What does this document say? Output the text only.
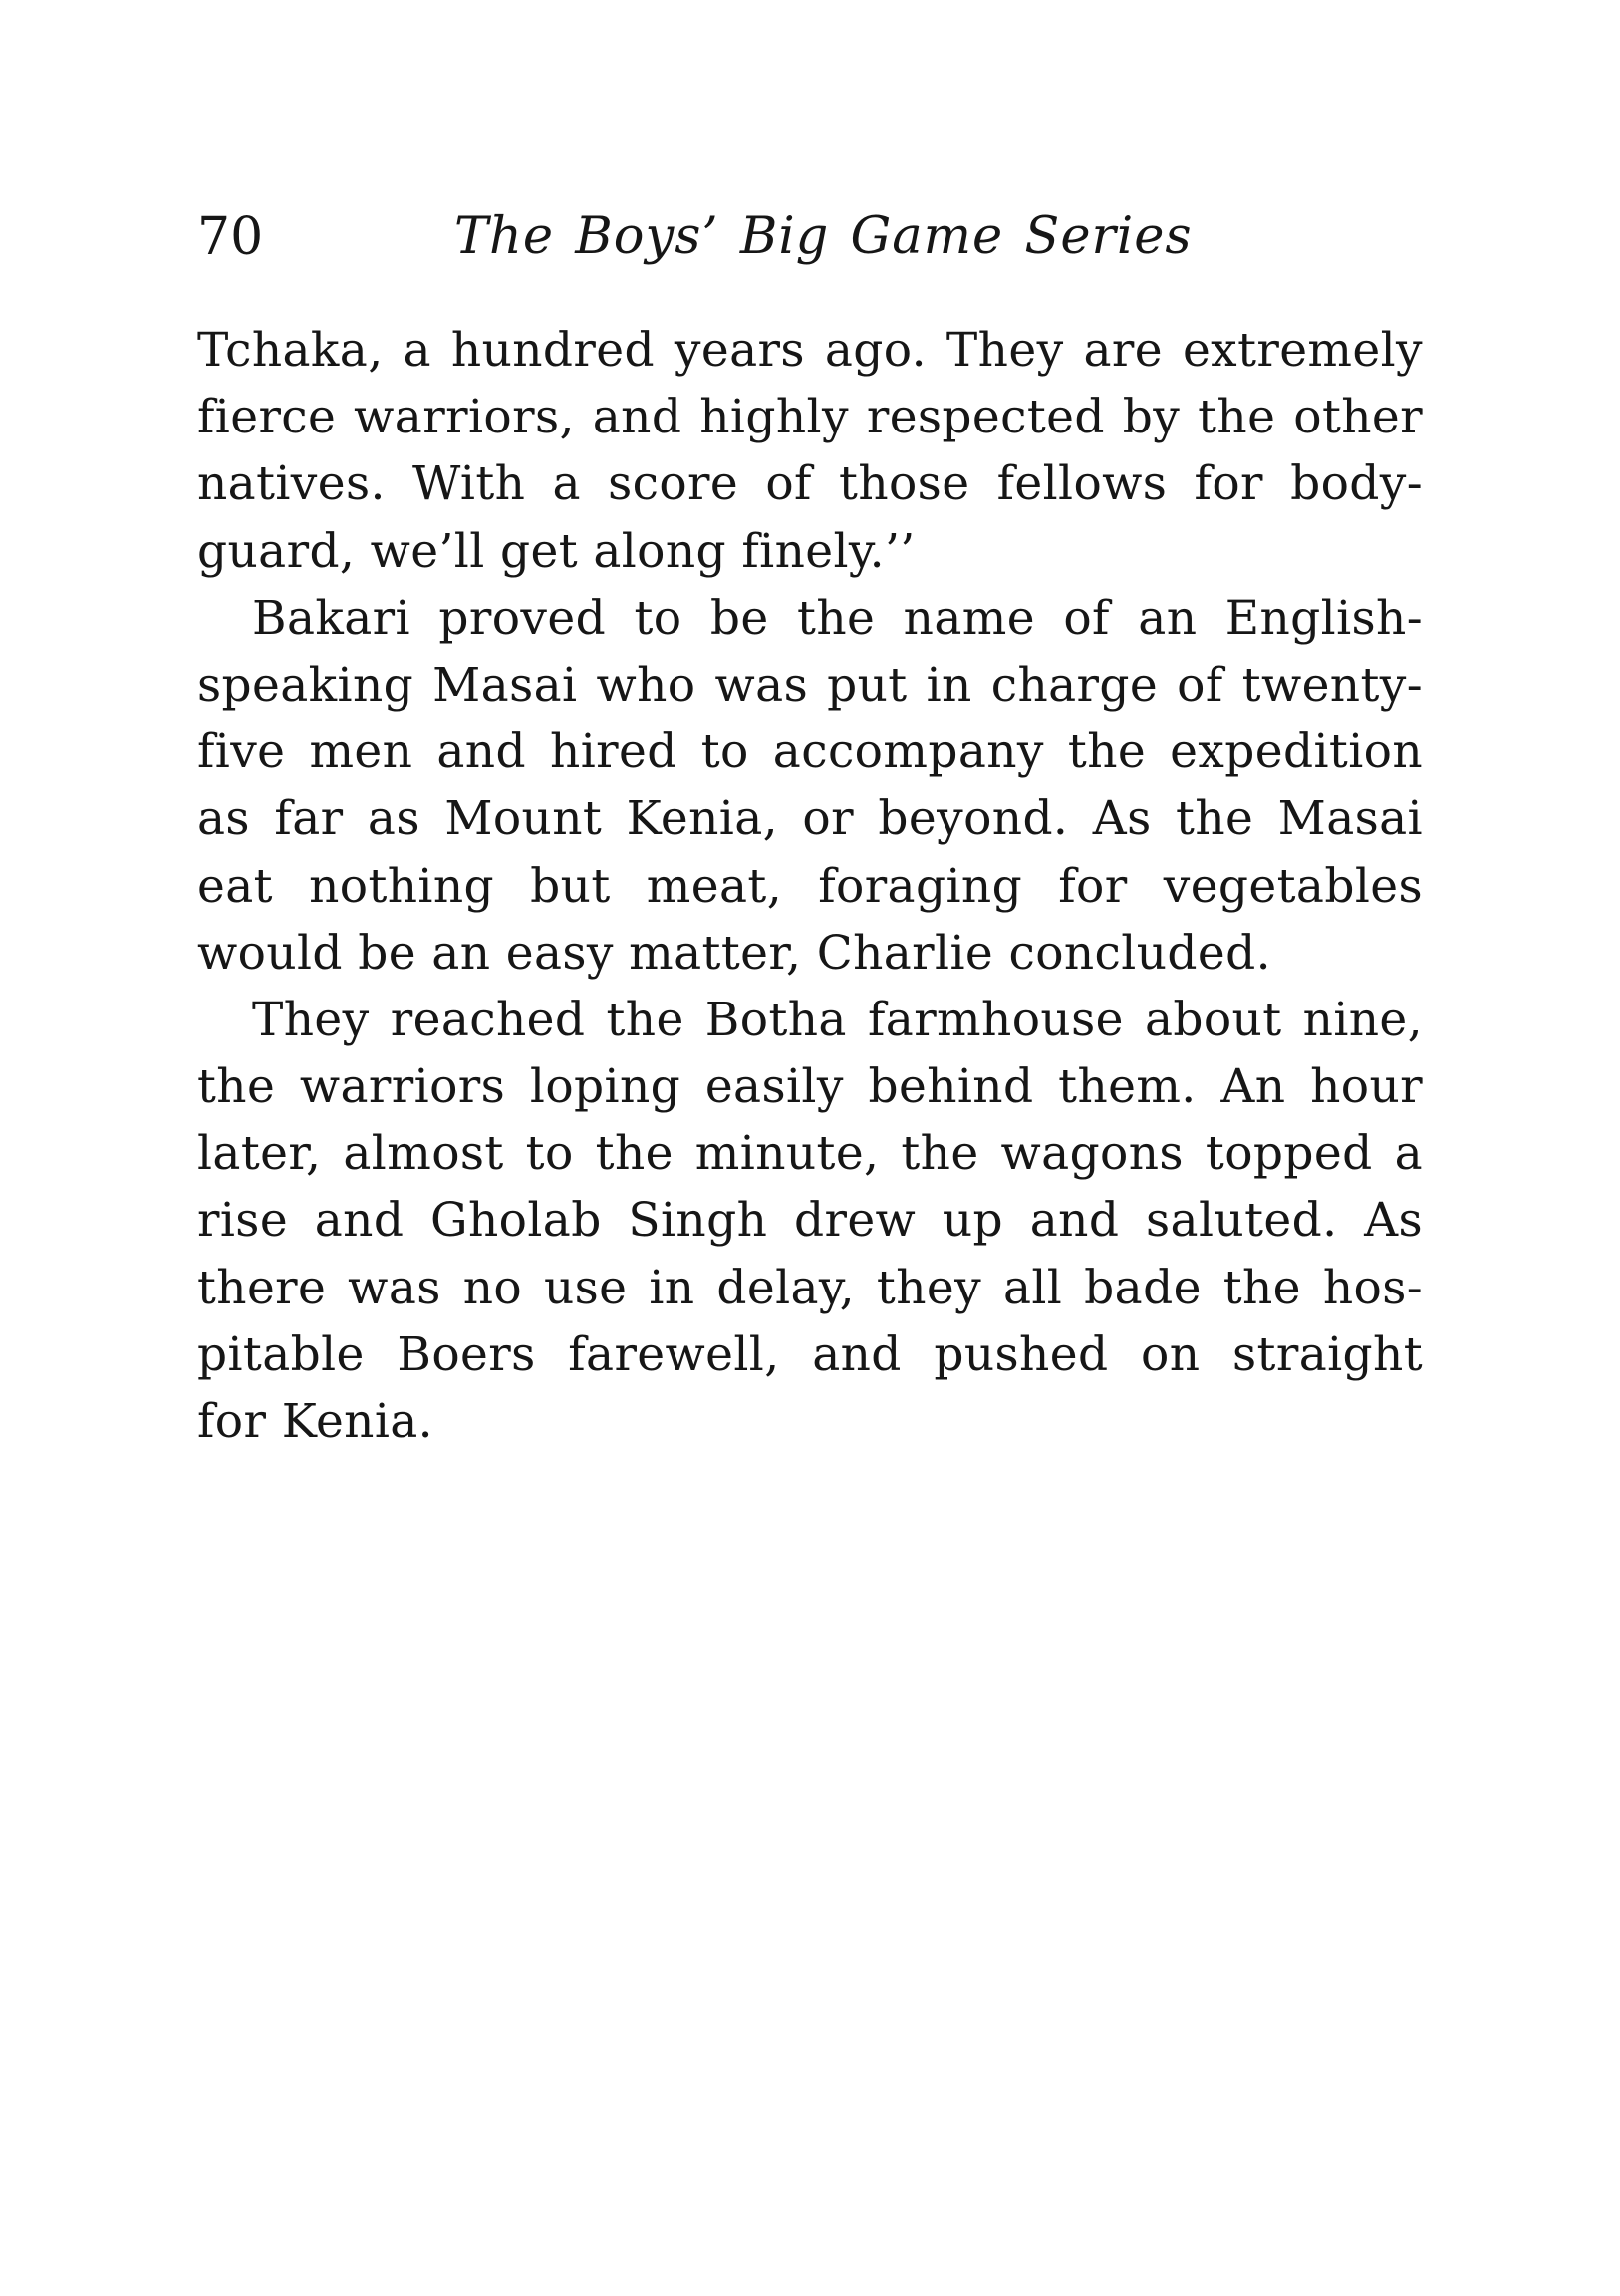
70	The Boys’ Big Game Series
Tchaka, a hundred years ago. They are extremely
fierce warriors, and highly respected by the other
natives. With a score of those fellows for body-
guard, we’ll get along finely.’’
Bakari proved to be the name of an English-
speaking Masai who was put in charge of twenty-
five men and hired to accompany the expedition
as far as Mount Kenia, or beyond. As the Masai
eat nothing but meat, foraging for vegetables
would be an easy matter, Charlie concluded.
They reached the Botha farmhouse about nine,
the warriors loping easily behind them. An hour
later, almost to the minute, the wagons topped a
rise and Gholab Singh drew up and saluted. As
there was no use in delay, they all bade the hos-
pitable Boers farewell, and pushed on straight
for Kenia.
